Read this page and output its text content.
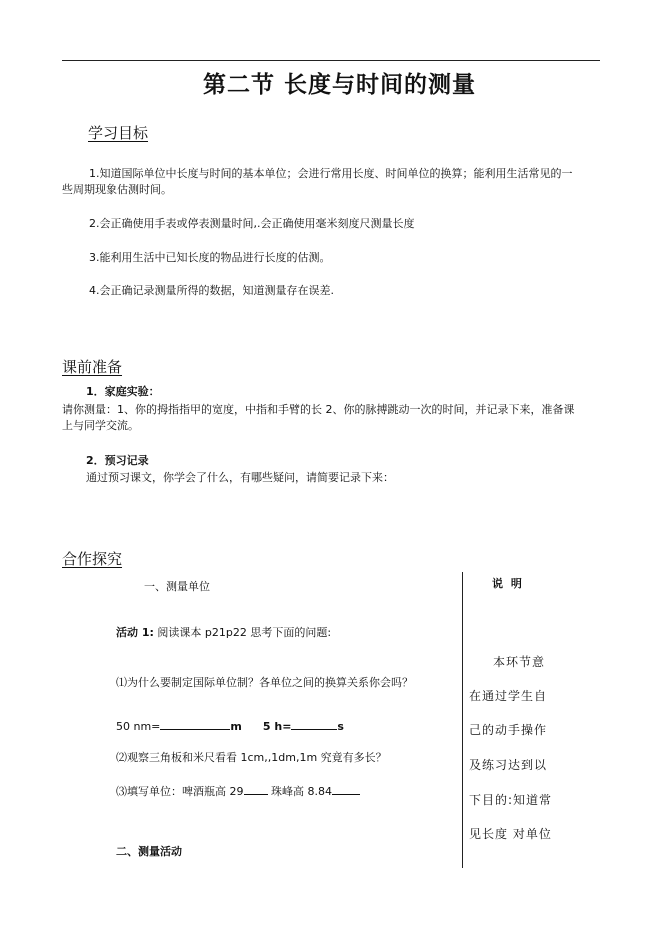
第二节 长度与时间的测量
学习目标
1.知道国际单位中长度与时间的基本单位；会进行常用长度、时间单位的换算；能利用生活常见的一
些周期现象估测时间。
2.会正确使用手表或停表测量时间,.会正确使用毫米刻度尺测量长度
3.能利用生活中已知长度的物品进行长度的估测。
4.会正确记录测量所得的数据，知道测量存在误差.
课前准备
1．家庭实验：
请你测量：1、你的拇指指甲的宽度，中指和手臂的长 2、你的脉搏跳动一次的时间，并记录下来，准备课
上与同学交流。
2．预习记录
通过预习课文，你学会了什么，有哪些疑问，请简要记录下来：
合作探究
一、测量单位
活动 1: 阅读课本 p21p22 思考下面的问题:
⑴为什么要制定国际单位制？各单位之间的换算关系你会吗？
50 nm=	m 5 h=	s
⑵观察三角板和米尺看看 1cm,,1dm,1m 究竟有多长？
⑶填写单位：啤酒瓶高 29 珠峰高 8.84
二、测量活动
说 明
本环节意
在通过学生自
己的动手操作
及练习达到以
下目的:知道常
见长度 对单位
